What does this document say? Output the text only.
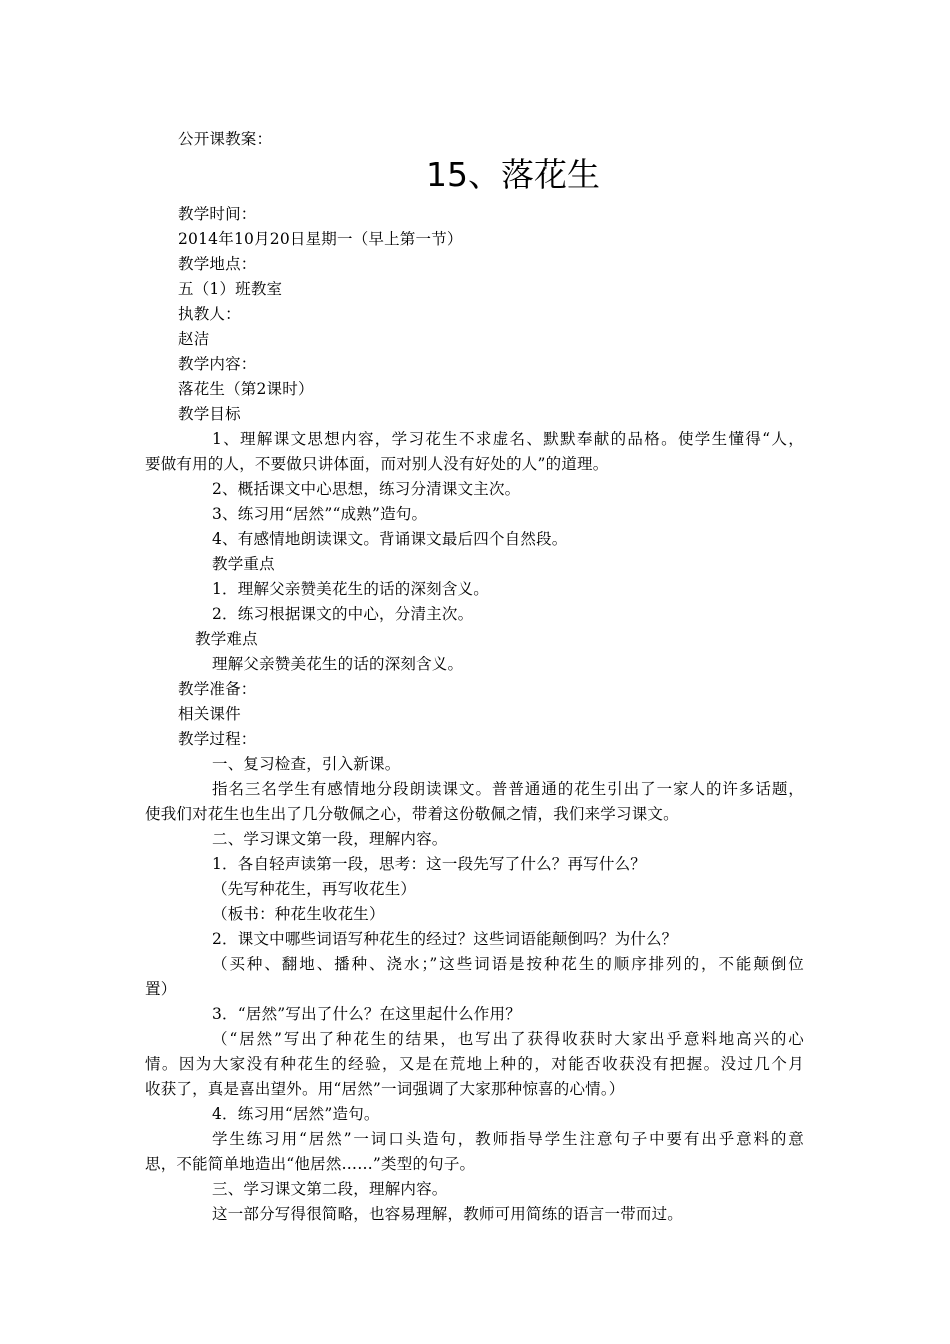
公开课教案：
15、落花生
教学时间：
2014年10月20日星期一（早上第一节）
教学地点：
五（1）班教室
执教人：
赵洁
教学内容：
落花生（第2课时）
教学目标
1、理解课文思想内容，学习花生不求虚名、默默奉献的品格。使学生懂得“人，
要做有用的人，不要做只讲体面，而对别人没有好处的人”的道理。
2、概括课文中心思想，练习分清课文主次。
3、练习用“居然”“成熟”造句。
4、有感情地朗读课文。背诵课文最后四个自然段。
教学重点
1．理解父亲赞美花生的话的深刻含义。
2．练习根据课文的中心，分清主次。
教学难点
理解父亲赞美花生的话的深刻含义。
教学准备：
相关课件
教学过程：
一、复习检查，引入新课。
指名三名学生有感情地分段朗读课文。普普通通的花生引出了一家人的许多话题，
使我们对花生也生出了几分敬佩之心，带着这份敬佩之情，我们来学习课文。
二、学习课文第一段，理解内容。
1．各自轻声读第一段，思考：这一段先写了什么？再写什么？
（先写种花生，再写收花生）
（板书：种花生收花生）
2．课文中哪些词语写种花生的经过？这些词语能颠倒吗？为什么？
（买种、翻地、播种、浇水；”这些词语是按种花生的顺序排列的，不能颠倒位
置）
3．“居然”写出了什么？在这里起什么作用？
（“居然”写出了种花生的结果，也写出了获得收获时大家出乎意料地高兴的心
情。因为大家没有种花生的经验，又是在荒地上种的，对能否收获没有把握。没过几个月
收获了，真是喜出望外。用“居然”一词强调了大家那种惊喜的心情。）
4．练习用“居然”造句。
学生练习用“居然”一词口头造句，教师指导学生注意句子中要有出乎意料的意
思，不能简单地造出“他居然……”类型的句子。
三、学习课文第二段，理解内容。
这一部分写得很简略，也容易理解，教师可用简练的语言一带而过。
